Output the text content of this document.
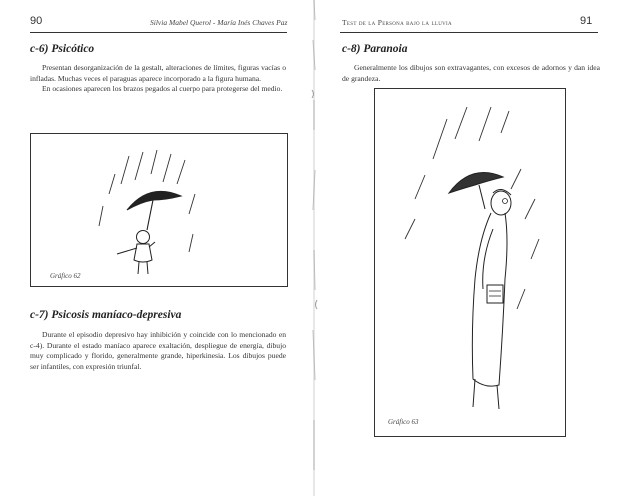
90	Silvia Mabel Querol - María Inés Chaves Paz
c-6) Psicótico

Presentan desorganización de la gestalt, alteraciones de límites, figuras vacías o infladas. Muchas veces el paraguas aparece incorporado a la figura humana.

En ocasiones aparecen los brazos pegados al cuerpo para protegerse del medio.

Gráfico 62
c-7) Psicosis maníaco-depresiva

Durante el episodio depresivo hay inhibición y coincide con lo mencionado en c-4). Durante el estado maníaco aparece exaltación, despliegue de energía, dibujo muy complicado y florido, generalmente grande, hiperkinesia. Los dibujos puede ser infantiles, con expresión triunfal.

Test de la Persona bajo la lluvia	91
c-8) Paranoia

Generalmente los dibujos son extravagantes, con excesos de adornos y dan idea de grandeza.

Gráfico 63
